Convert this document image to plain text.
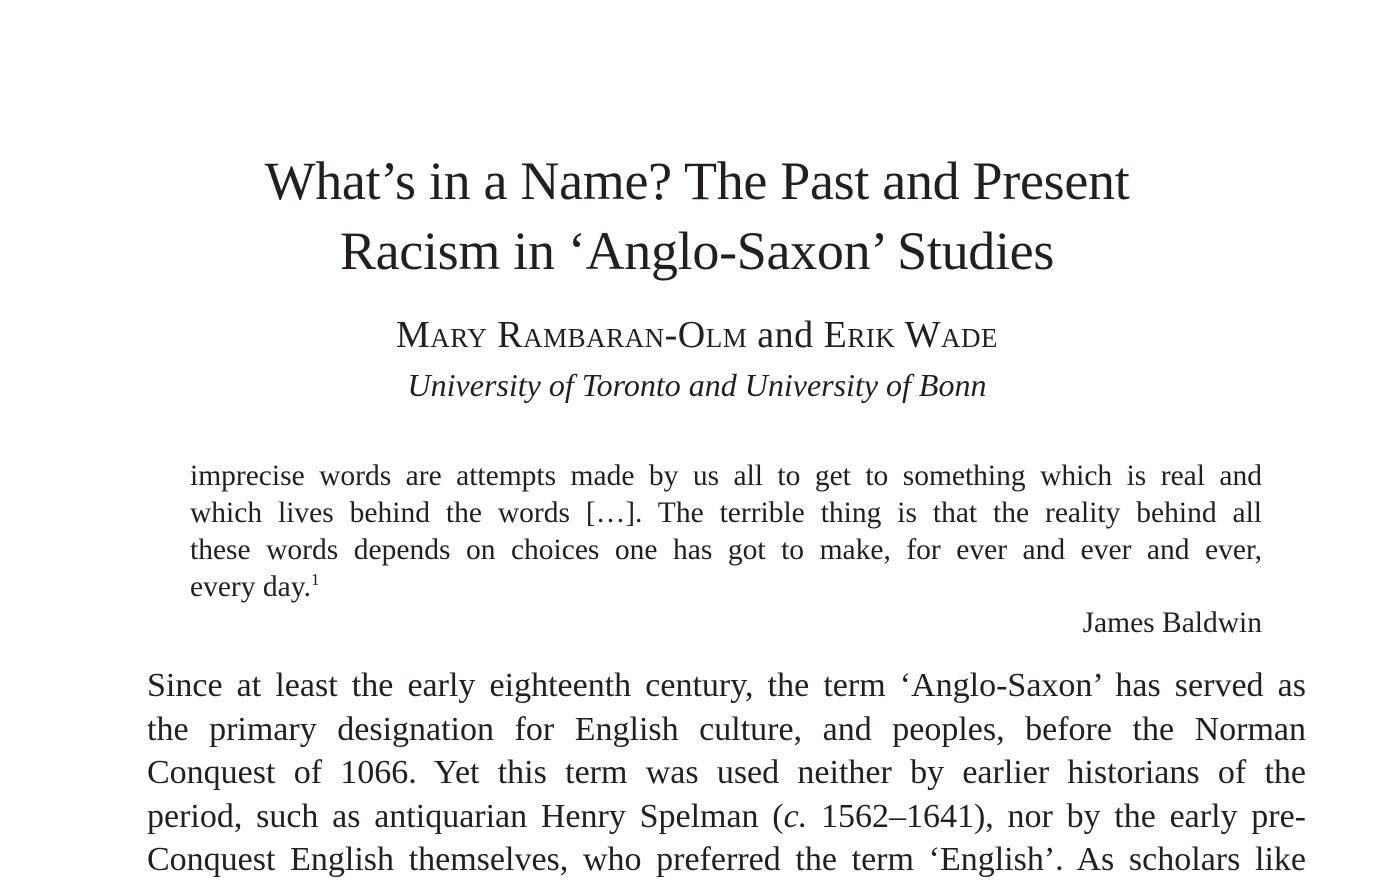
What’s in a Name? The Past and Present
Racism in ‘Anglo-Saxon’ Studies
Mary Rambaran-Olm and Erik Wade
University of Toronto and University of Bonn
imprecise words are attempts made by us all to get to something which is real and
which lives behind the words […]. The terrible thing is that the reality behind all
these words depends on choices one has got to make, for ever and ever and ever,
every day.$^1$
James Baldwin
Since at least the early eighteenth century, the term ‘Anglo-Saxon’ has served as
the primary designation for English culture, and peoples, before the Norman
Conquest of 1066. Yet this term was used neither by earlier historians of the
period, such as antiquarian Henry Spelman (c. 1562–1641), nor by the early pre-
Conquest English themselves, who preferred the term ‘English’. As scholars like
